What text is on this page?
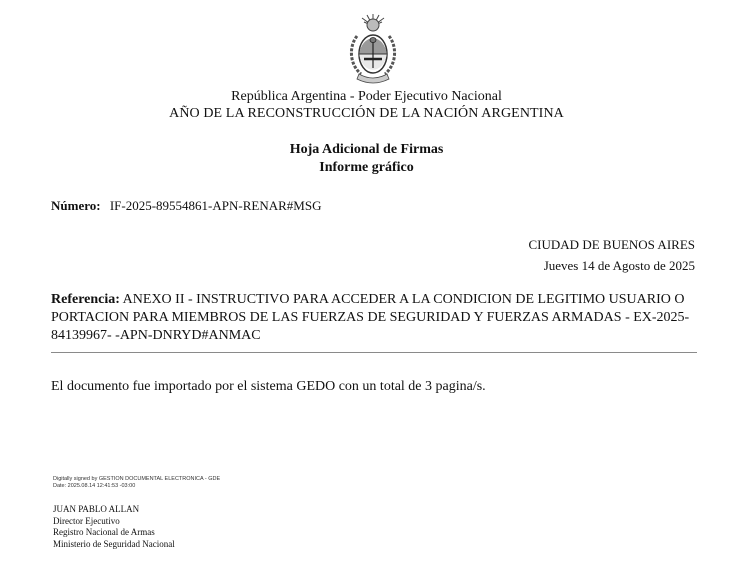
República Argentina - Poder Ejecutivo Nacional
AÑO DE LA RECONSTRUCCIÓN DE LA NACIÓN ARGENTINA
Hoja Adicional de Firmas
Informe gráfico
Número: IF-2025-89554861-APN-RENAR#MSG
CIUDAD DE BUENOS AIRES
Jueves 14 de Agosto de 2025
Referencia: ANEXO II - INSTRUCTIVO PARA ACCEDER A LA CONDICION DE LEGITIMO USUARIO O PORTACION PARA MIEMBROS DE LAS FUERZAS DE SEGURIDAD Y FUERZAS ARMADAS - EX-2025-84139967- -APN-DNRYD#ANMAC
El documento fue importado por el sistema GEDO con un total de 3 pagina/s.
Digitally signed by GESTION DOCUMENTAL ELECTRONICA - GDE
Date: 2025.08.14 12:41:53 -03:00
JUAN PABLO ALLAN
Director Ejecutivo
Registro Nacional de Armas
Ministerio de Seguridad Nacional
